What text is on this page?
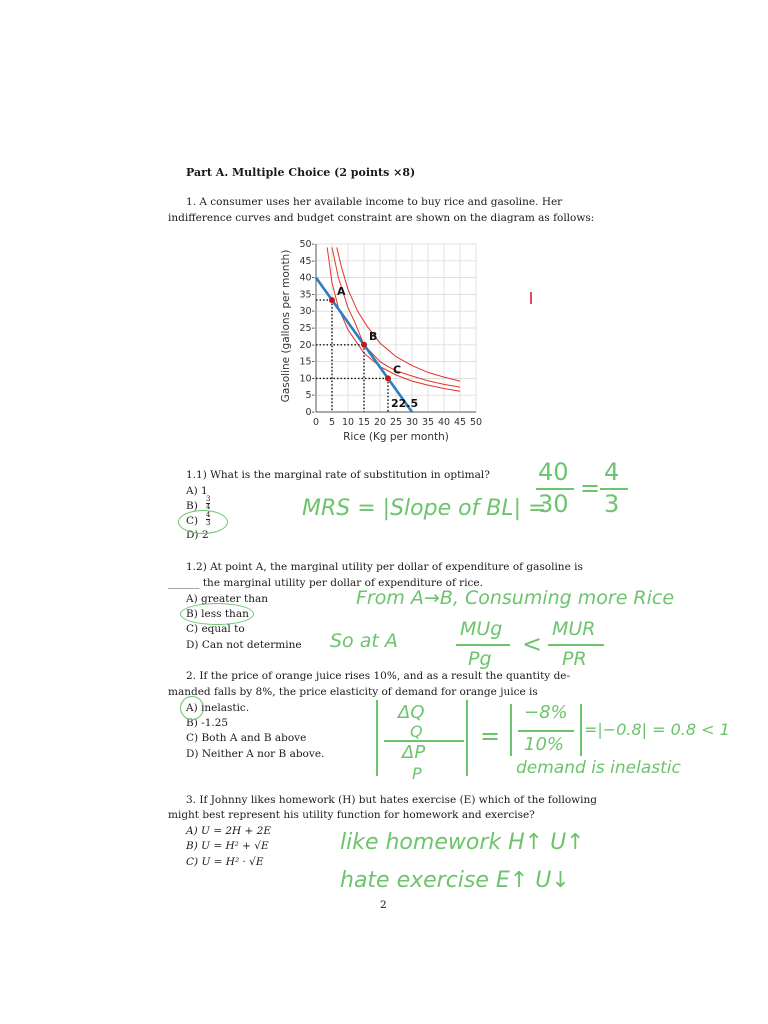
Part A. Multiple Choice (2 points ×8)
1. A consumer uses her available income to buy rice and gasoline. Her
indifference curves and budget constraint are shown on the diagram as follows:
0 5 10 15 20 25 30 35 40 45 50
0-
5-
10-
15-
20-
25-
30-
35-
40-
45-
50-
A
B
C
Rice (Kg per month)
Gasoline (gallons per month)
22.5
1.1) What is the marginal rate of substitution in optimal?
A) 1
$B) \frac{3}{4}$
$C) \frac{4}{3}$
D) 2
1.2) At point A, the marginal utility per dollar of expenditure of gasoline is
______ the marginal utility per dollar of expenditure of rice.
A) greater than
B) less than
C) equal to
D) Can not determine
2. If the price of orange juice rises 10%, and as a result the quantity de-
manded falls by 8%, the price elasticity of demand for orange juice is
A) inelastic.
B) -1.25
C) Both A and B above
D) Neither A nor B above.
3. If Johnny likes homework (H) but hates exercise (E) which of the following
might best represent his utility function for homework and exercise?
A) U = 2H + 2E
B) U = H² + √E
C) U = H² · √E
2
40
30
MRS = |Slope of BL| =
=
4
3
From A→B, Consuming more Rice
So at A
MUg
Pg
<
MUR
PR
ΔQ
Q
ΔP
P
=
−8%
10%
=|−0.8| = 0.8 < 1
demand is inelastic
like homework H↑ U↑
hate exercise E↑ U↓
